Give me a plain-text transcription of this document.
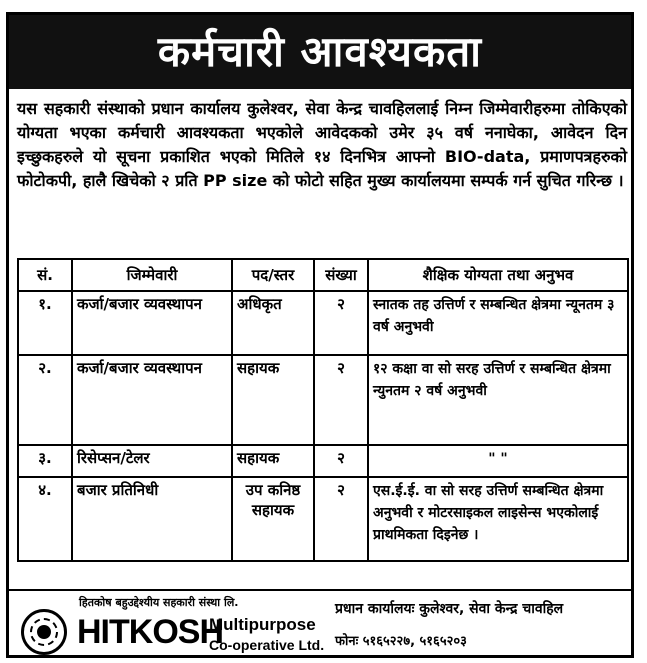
कर्मचारी आवश्यकता

यस सहकारी संस्थाको प्रधान कार्यालय कुलेश्वर, सेवा केन्द्र चावहिललाई निम्न जिम्मेवारीहरुमा तोकिएको योग्यता भएका कर्मचारी आवश्यकता भएकोले आवेदकको उमेर ३५ वर्ष ननाघेका, आवेदन दिन इच्छुकहरुले यो सूचना प्रकाशित भएको मितिले १४ दिनभित्र आफ्नो BIO-data, प्रमाणपत्रहरुको फोटोकपी, हालै खिचेको २ प्रति PP size को फोटो सहित मुख्य कार्यालयमा सम्पर्क गर्न सुचित गरिन्छ ।

सं.	जिम्मेवारी	पद/स्तर	संख्या	शैक्षिक योग्यता तथा अनुभव
१.	कर्जा/बजार व्यवस्थापन	अधिकृत	२	स्नातक तह उत्तिर्ण र सम्बन्धित क्षेत्रमा न्यूनतम ३ वर्ष अनुभवी
२.	कर्जा/बजार व्यवस्थापन	सहायक	२	१२ कक्षा वा सो सरह उत्तिर्ण र सम्बन्धित क्षेत्रमा न्युनतम २ वर्ष अनुभवी
३.	रिसेप्सन/टेलर	सहायक	२	" "
४.	बजार प्रतिनिधी	उप कनिष्ठ सहायक	२	एस.ई.ई. वा सो सरह उत्तिर्ण सम्बन्धित क्षेत्रमा अनुभवी र मोटरसाइकल लाइसेन्स भएकोलाई प्राथमिकता दिइनेछ ।
हितकोष बहुउद्देश्यीय सहकारी संस्था लि.
HITKOSH
Multipurpose
Co-operative Ltd.
प्रधान कार्यालयः कुलेश्वर, सेवा केन्द्र चावहिल
फोनः ५१६५२२७, ५१६५२०३
